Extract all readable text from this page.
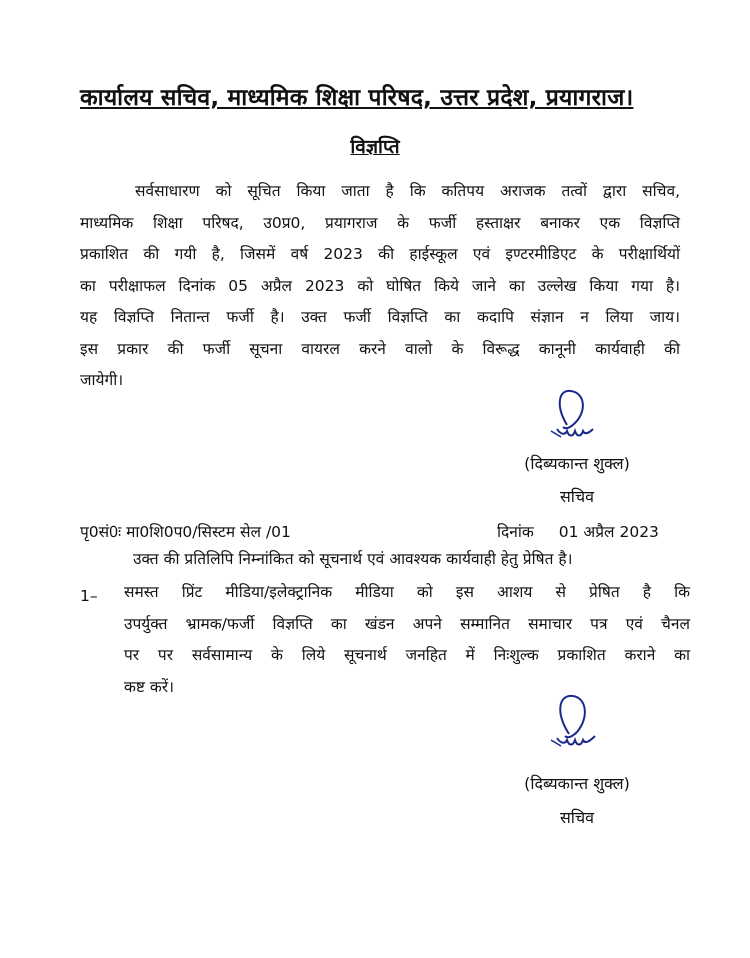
कार्यालय सचिव, माध्यमिक शिक्षा परिषद, उत्तर प्रदेश, प्रयागराज।
विज्ञप्ति
सर्वसाधारण को सूचित किया जाता है कि कतिपय अराजक तत्वों द्वारा सचिव,
माध्यमिक शिक्षा परिषद, उ0प्र0, प्रयागराज के फर्जी हस्ताक्षर बनाकर एक विज्ञप्ति
प्रकाशित की गयी है, जिसमें वर्ष 2023 की हाईस्कूल एवं इण्टरमीडिएट के परीक्षार्थियों
का परीक्षाफल दिनांक 05 अप्रैल 2023 को घोषित किये जाने का उल्लेख किया गया है।
यह विज्ञप्ति नितान्त फर्जी है। उक्त फर्जी विज्ञप्ति का कदापि संज्ञान न लिया जाय।
इस प्रकार की फर्जी सूचना वायरल करने वालो के विरूद्ध कानूनी कार्यवाही की
जायेगी।
(दिब्यकान्त शुक्ल)
सचिव
पृ0सं0ः मा0शि0प0/सिस्टम सेल /01	दिनांक 01 अप्रैल 2023
उक्त की प्रतिलिपि निम्नांकित को सूचनार्थ एवं आवश्यक कार्यवाही हेतु प्रेषित है।
1– समस्त प्रिंट मीडिया/इलेक्ट्रानिक मीडिया को इस आशय से प्रेषित है कि
उपर्युक्त भ्रामक/फर्जी विज्ञप्ति का खंडन अपने सम्मानित समाचार पत्र एवं चैनल
पर पर सर्वसामान्य के लिये सूचनार्थ जनहित में निःशुल्क प्रकाशित कराने का
कष्ट करें।
(दिब्यकान्त शुक्ल)
सचिव
